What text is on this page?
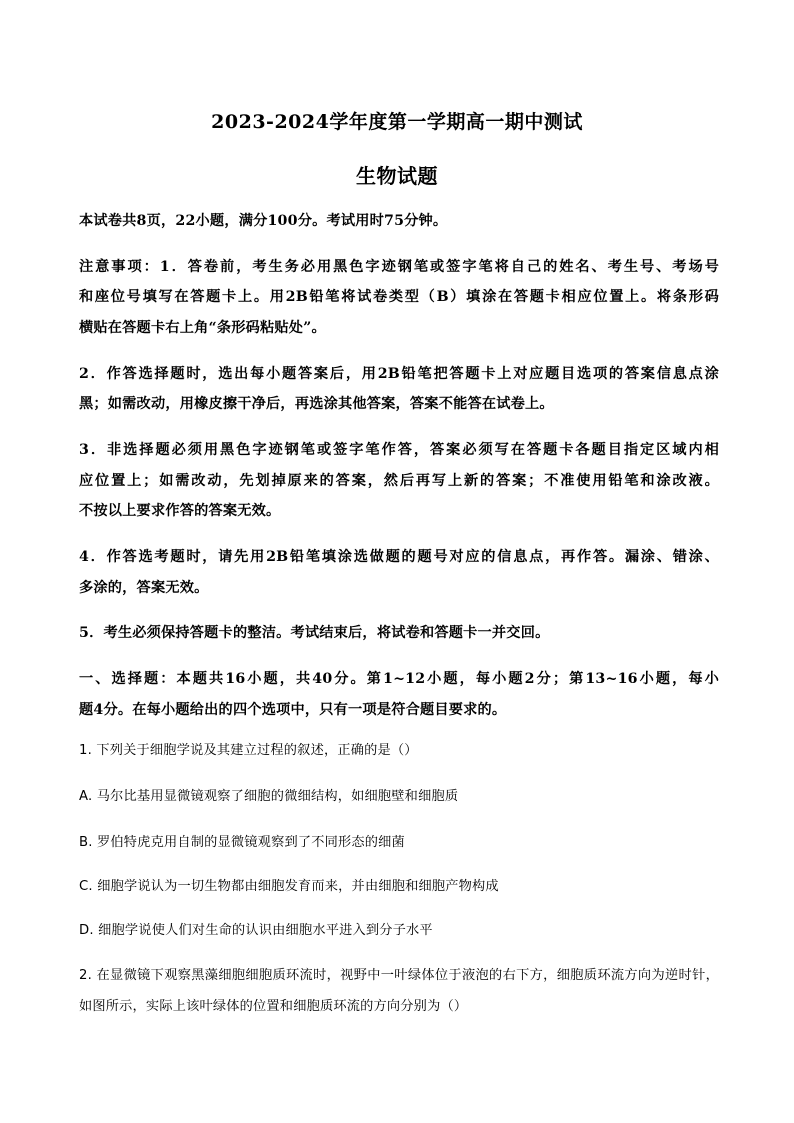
2023-2024学年度第一学期高一期中测试
生物试题
本试卷共8页，22小题，满分100分。考试用时75分钟。
注意事项：1．答卷前，考生务必用黑色字迹钢笔或签字笔将自己的姓名、考生号、考场号
和座位号填写在答题卡上。用2B铅笔将试卷类型（B）填涂在答题卡相应位置上。将条形码
横贴在答题卡右上角“条形码粘贴处”。
2．作答选择题时，选出每小题答案后，用2B铅笔把答题卡上对应题目选项的答案信息点涂
黑；如需改动，用橡皮擦干净后，再选涂其他答案，答案不能答在试卷上。
3．非选择题必须用黑色字迹钢笔或签字笔作答，答案必须写在答题卡各题目指定区域内相
应位置上；如需改动，先划掉原来的答案，然后再写上新的答案；不准使用铅笔和涂改液。
不按以上要求作答的答案无效。
4．作答选考题时，请先用2B铅笔填涂选做题的题号对应的信息点，再作答。漏涂、错涂、
多涂的，答案无效。
5．考生必须保持答题卡的整洁。考试结束后，将试卷和答题卡一并交回。
一、选择题：本题共16小题，共40分。第1~12小题，每小题2分；第13~16小题，每小
题4分。在每小题给出的四个选项中，只有一项是符合题目要求的。
1. 下列关于细胞学说及其建立过程的叙述，正确的是（）
A. 马尔比基用显微镜观察了细胞的微细结构，如细胞壁和细胞质
B. 罗伯特虎克用自制的显微镜观察到了不同形态的细菌
C. 细胞学说认为一切生物都由细胞发育而来，并由细胞和细胞产物构成
D. 细胞学说使人们对生命的认识由细胞水平进入到分子水平
2. 在显微镜下观察黑藻细胞细胞质环流时，视野中一叶绿体位于液泡的右下方，细胞质环流方向为逆时针，
如图所示，实际上该叶绿体的位置和细胞质环流的方向分别为（）
